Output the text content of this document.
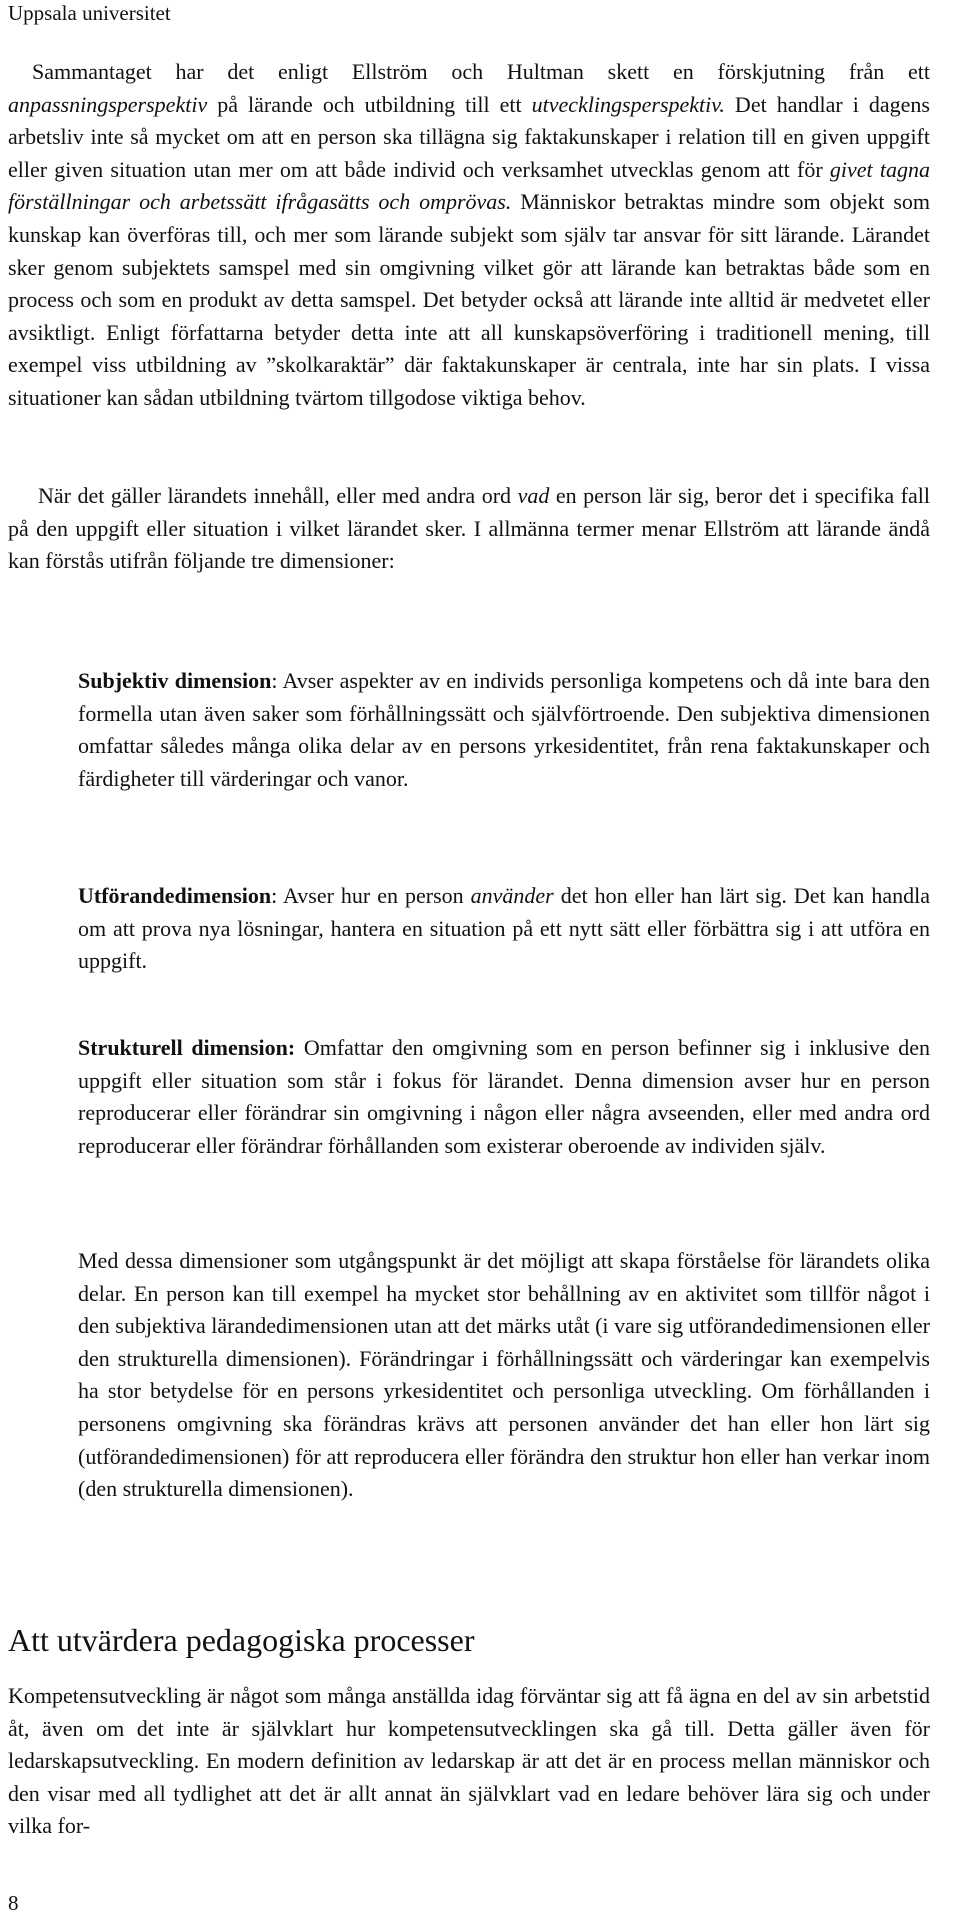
Uppsala universitet

Sammantaget har det enligt Ellström och Hultman skett en förskjutning från ett anpassningsperspektiv på lärande och utbildning till ett utvecklingsperspektiv. Det handlar i dagens arbetsliv inte så mycket om att en person ska tillägna sig faktakunskaper i relation till en given uppgift eller given situation utan mer om att både individ och verksamhet utvecklas genom att för givet tagna förställningar och arbetssätt ifrågasätts och omprövas. Människor betraktas mindre som objekt som kunskap kan överföras till, och mer som lärande subjekt som själv tar ansvar för sitt lärande. Lärandet sker genom subjektets samspel med sin omgivning vilket gör att lärande kan betraktas både som en process och som en produkt av detta samspel. Det betyder också att lärande inte alltid är medvetet eller avsiktligt. Enligt författarna betyder detta inte att all kunskapsöverföring i traditionell mening, till exempel viss utbildning av ”skolkaraktär” där faktakunskaper är centrala, inte har sin plats. I vissa situationer kan sådan utbildning tvärtom tillgodose viktiga behov.

När det gäller lärandets innehåll, eller med andra ord vad en person lär sig, beror det i specifika fall på den uppgift eller situation i vilket lärandet sker. I allmänna termer menar Ellström att lärande ändå kan förstås utifrån följande tre dimensioner:

Subjektiv dimension: Avser aspekter av en individs personliga kompetens och då inte bara den formella utan även saker som förhållningssätt och självförtroende. Den subjektiva dimensionen omfattar således många olika delar av en persons yrkesidentitet, från rena faktakunskaper och färdigheter till värderingar och vanor.

Utförandedimension: Avser hur en person använder det hon eller han lärt sig. Det kan handla om att prova nya lösningar, hantera en situation på ett nytt sätt eller förbättra sig i att utföra en uppgift.

Strukturell dimension: Omfattar den omgivning som en person befinner sig i inklusive den uppgift eller situation som står i fokus för lärandet. Denna dimension avser hur en person reproducerar eller förändrar sin omgivning i någon eller några avseenden, eller med andra ord reproducerar eller förändrar förhållanden som existerar oberoende av individen själv.

Med dessa dimensioner som utgångspunkt är det möjligt att skapa förståelse för lärandets olika delar. En person kan till exempel ha mycket stor behållning av en aktivitet som tillför något i den subjektiva lärandedimensionen utan att det märks utåt (i vare sig utförandedimensionen eller den strukturella dimensionen). Förändringar i förhållningssätt och värderingar kan exempelvis ha stor betydelse för en persons yrkesidentitet och personliga utveckling. Om förhållanden i personens omgivning ska förändras krävs att personen använder det han eller hon lärt sig (utförandedimensionen) för att reproducera eller förändra den struktur hon eller han verkar inom (den strukturella dimensionen).

Att utvärdera pedagogiska processer

Kompetensutveckling är något som många anställda idag förväntar sig att få ägna en del av sin arbetstid åt, även om det inte är självklart hur kompetensutvecklingen ska gå till. Detta gäller även för ledarskapsutveckling. En modern definition av ledarskap är att det är en process mellan människor och den visar med all tydlighet att det är allt annat än självklart vad en ledare behöver lära sig och under vilka for-

8
